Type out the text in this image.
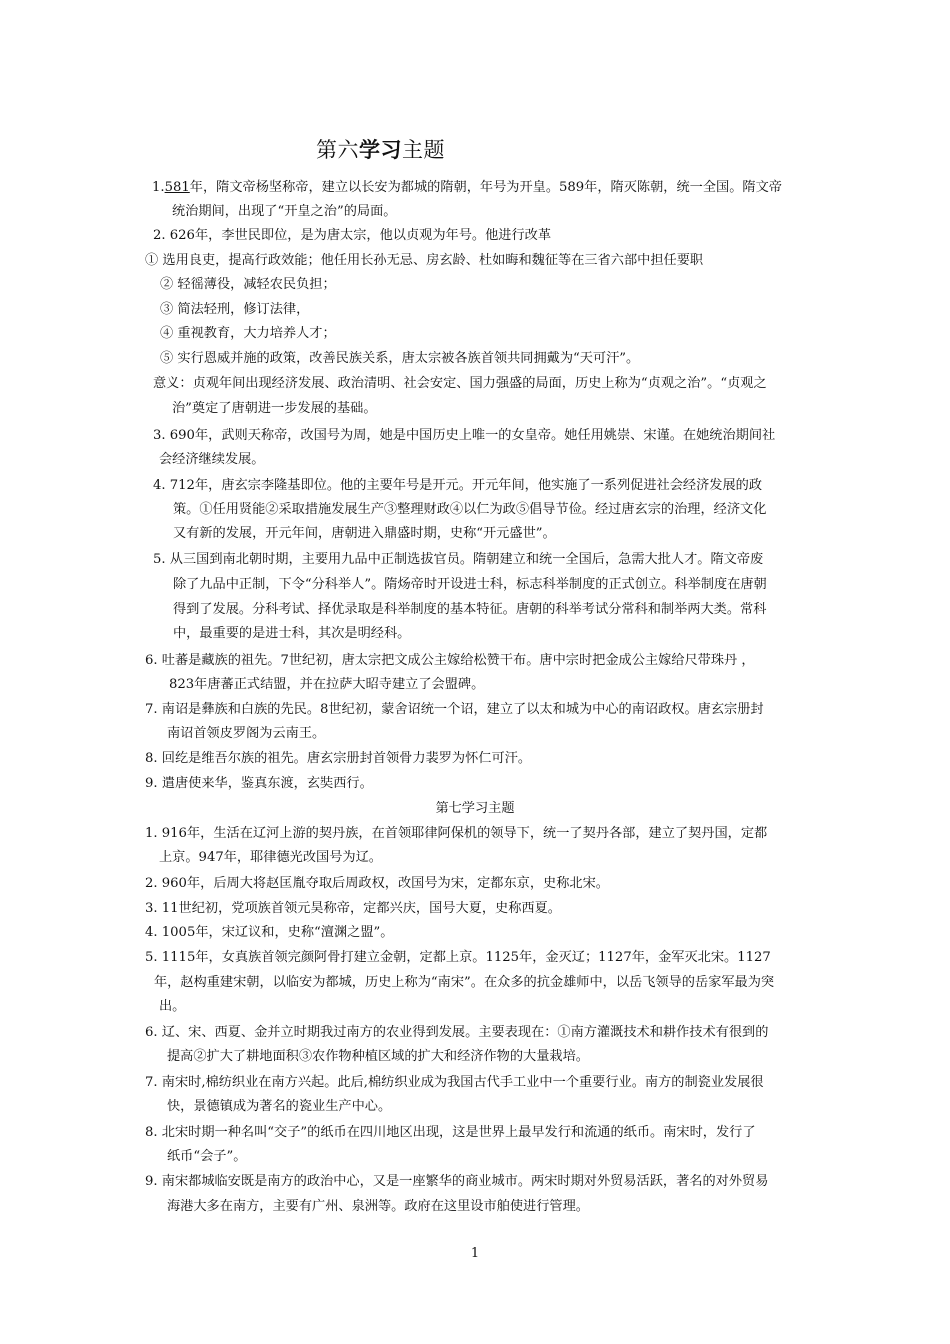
第六学习主题
1.581年，隋文帝杨坚称帝，建立以长安为都城的隋朝，年号为开皇。589年，隋灭陈朝，统一全国。隋文帝
统治期间，出现了“开皇之治”的局面。
2. 626年，李世民即位，是为唐太宗，他以贞观为年号。他进行改革
① 选用良吏，提高行政效能；他任用长孙无忌、房玄龄、杜如晦和魏征等在三省六部中担任要职
② 轻徭薄役，减轻农民负担；
③ 简法轻刑，修订法律，
④ 重视教育，大力培养人才；
⑤ 实行恩威并施的政策，改善民族关系，唐太宗被各族首领共同拥戴为“天可汗”。
意义：贞观年间出现经济发展、政治清明、社会安定、国力强盛的局面，历史上称为“贞观之治”。“贞观之
治”奠定了唐朝进一步发展的基础。
3. 690年，武则天称帝，改国号为周，她是中国历史上唯一的女皇帝。她任用姚崇、宋谨。在她统治期间社
会经济继续发展。
4. 712年，唐玄宗李隆基即位。他的主要年号是开元。开元年间，他实施了一系列促进社会经济发展的政
策。①任用贤能②采取措施发展生产③整理财政④以仁为政⑤倡导节俭。经过唐玄宗的治理，经济文化
又有新的发展，开元年间，唐朝进入鼎盛时期，史称“开元盛世”。
5. 从三国到南北朝时期，主要用九品中正制选拔官员。隋朝建立和统一全国后，急需大批人才。隋文帝废
除了九品中正制，下令“分科举人”。隋炀帝时开设进士科，标志科举制度的正式创立。科举制度在唐朝
得到了发展。分科考试、择优录取是科举制度的基本特征。唐朝的科举考试分常科和制举两大类。常科
中，最重要的是进士科，其次是明经科。
6. 吐蕃是藏族的祖先。7世纪初，唐太宗把文成公主嫁给松赞干布。唐中宗时把金成公主嫁给尺带珠丹 ，
823年唐蕃正式结盟，并在拉萨大昭寺建立了会盟碑。
7. 南诏是彝族和白族的先民。8世纪初，蒙舍诏统一个诏，建立了以太和城为中心的南诏政权。唐玄宗册封
南诏首领皮罗阁为云南王。
8. 回纥是维吾尔族的祖先。唐玄宗册封首领骨力裴罗为怀仁可汗。
9. 遣唐使来华，鉴真东渡，玄奘西行。
第七学习主题
1. 916年，生活在辽河上游的契丹族，在首领耶律阿保机的领导下，统一了契丹各部，建立了契丹国，定都
上京。947年，耶律德光改国号为辽。
2. 960年，后周大将赵匡胤夺取后周政权，改国号为宋，定都东京，史称北宋。
3. 11世纪初，党项族首领元昊称帝，定都兴庆，国号大夏，史称西夏。
4. 1005年，宋辽议和，史称“澶渊之盟”。
5. 1115年，女真族首领完颜阿骨打建立金朝，定都上京。1125年，金灭辽；1127年，金军灭北宋。1127
年，赵构重建宋朝，以临安为都城，历史上称为“南宋”。在众多的抗金雄师中，以岳飞领导的岳家军最为突
出。
6. 辽、宋、西夏、金并立时期我过南方的农业得到发展。主要表现在：①南方灌溉技术和耕作技术有很到的
提高②扩大了耕地面积③农作物种植区域的扩大和经济作物的大量栽培。
7. 南宋时,棉纺织业在南方兴起。此后,棉纺织业成为我国古代手工业中一个重要行业。南方的制瓷业发展很
快，景德镇成为著名的瓷业生产中心。
8. 北宋时期一种名叫“交子”的纸币在四川地区出现，这是世界上最早发行和流通的纸币。南宋时，发行了
纸币“会子”。
9. 南宋都城临安既是南方的政治中心，又是一座繁华的商业城市。两宋时期对外贸易活跃，著名的对外贸易
海港大多在南方，主要有广州、泉洲等。政府在这里设市舶使进行管理。
1
